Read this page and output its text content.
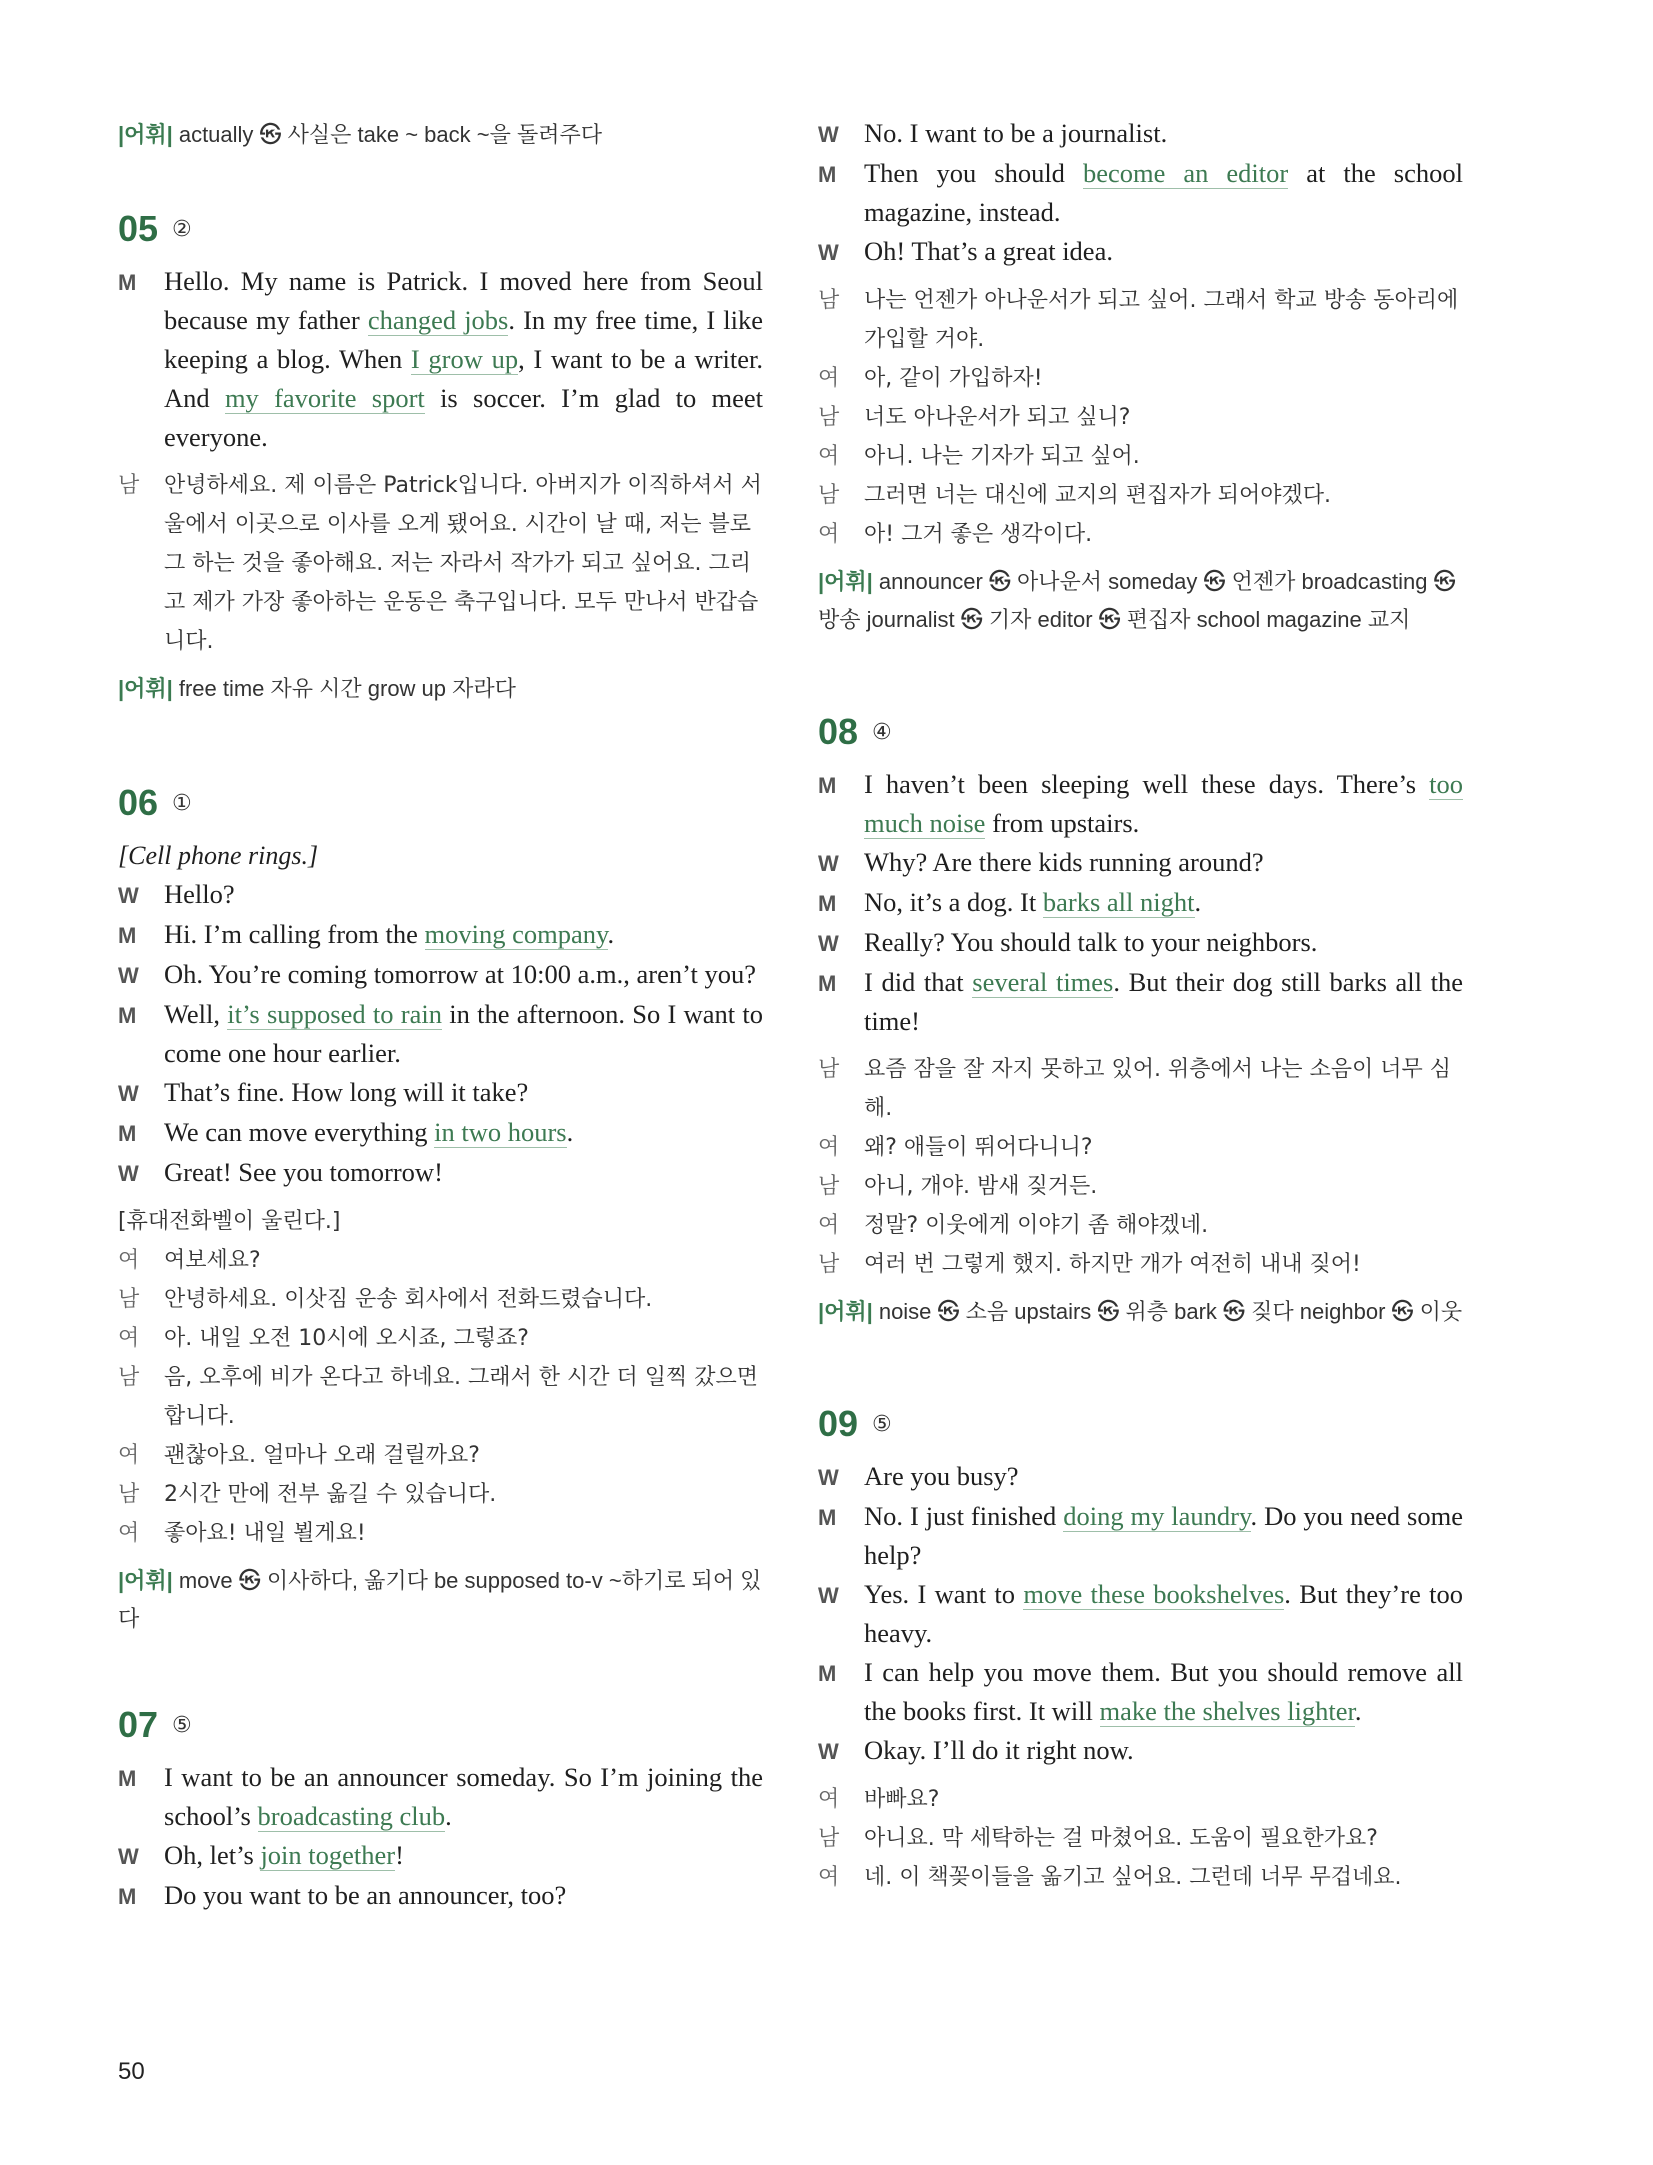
|어휘| actually ㉿ 사실은 take ~ back ~을 돌려주다
05 ②
M	Hello. My name is Patrick. I moved here from Seoul because my father changed jobs. In my free time, I like keeping a blog. When I grow up, I want to be a writer. And my favorite sport is soccer. I’m glad to meet everyone.
남	안녕하세요. 제 이름은 Patrick입니다. 아버지가 이직하셔서 서울에서 이곳으로 이사를 오게 됐어요. 시간이 날 때, 저는 블로그 하는 것을 좋아해요. 저는 자라서 작가가 되고 싶어요. 그리고 제가 가장 좋아하는 운동은 축구입니다. 모두 만나서 반갑습니다.
|어휘| free time 자유 시간 grow up 자라다
06 ①
[Cell phone rings.]
W Hello?
M	Hi. I’m calling from the moving company.
W Oh. You’re coming tomorrow at 10:00 a.m., aren’t you?
M	Well, it’s supposed to rain in the afternoon. So I want to come one hour earlier.
W That’s fine. How long will it take?
M	We can move everything in two hours.
W Great! See you tomorrow!
[휴대전화벨이 울린다.]
여	여보세요?
남	안녕하세요. 이삿짐 운송 회사에서 전화드렸습니다.
여	아. 내일 오전 10시에 오시죠, 그렇죠?
남	음, 오후에 비가 온다고 하네요. 그래서 한 시간 더 일찍 갔으면 합니다.
여	괜찮아요. 얼마나 오래 걸릴까요?
남	2시간 만에 전부 옮길 수 있습니다.
여	좋아요! 내일 뵐게요!
|어휘| move ㉿ 이사하다, 옮기다 be supposed to-v ~하기로 되어 있다
07 ⑤
M	I want to be an announcer someday. So I’m joining the school’s broadcasting club.
W Oh, let’s join together!
M	Do you want to be an announcer, too?
W No. I want to be a journalist.
M	Then you should become an editor at the school magazine, instead.
W Oh! That’s a great idea.
남	나는 언젠가 아나운서가 되고 싶어. 그래서 학교 방송 동아리에 가입할 거야.
여	아, 같이 가입하자!
남	너도 아나운서가 되고 싶니?
여	아니. 나는 기자가 되고 싶어.
남	그러면 너는 대신에 교지의 편집자가 되어야겠다.
여	아! 그거 좋은 생각이다.
|어휘| announcer ㉿ 아나운서 someday ㉿ 언젠가 broadcasting ㉿ 방송 journalist ㉿ 기자 editor ㉿ 편집자 school magazine 교지
08 ④
M	I haven’t been sleeping well these days. There’s too much noise from upstairs.
W Why? Are there kids running around?
M	No, it’s a dog. It barks all night.
W Really? You should talk to your neighbors.
M	I did that several times. But their dog still barks all the time!
남	요즘 잠을 잘 자지 못하고 있어. 위층에서 나는 소음이 너무 심해.
여	왜? 애들이 뛰어다니니?
남	아니, 개야. 밤새 짖거든.
여	정말? 이웃에게 이야기 좀 해야겠네.
남	여러 번 그렇게 했지. 하지만 개가 여전히 내내 짖어!
|어휘| noise ㉿ 소음 upstairs ㉿ 위층 bark ㉿ 짖다 neighbor ㉿ 이웃
09 ⑤
W Are you busy?
M	No. I just finished doing my laundry. Do you need some help?
W Yes. I want to move these bookshelves. But they’re too heavy.
M	I can help you move them. But you should remove all the books first. It will make the shelves lighter.
W Okay. I’ll do it right now.
여	바빠요?
남	아니요. 막 세탁하는 걸 마쳤어요. 도움이 필요한가요?
여	네. 이 책꽂이들을 옮기고 싶어요. 그런데 너무 무겁네요.
50
